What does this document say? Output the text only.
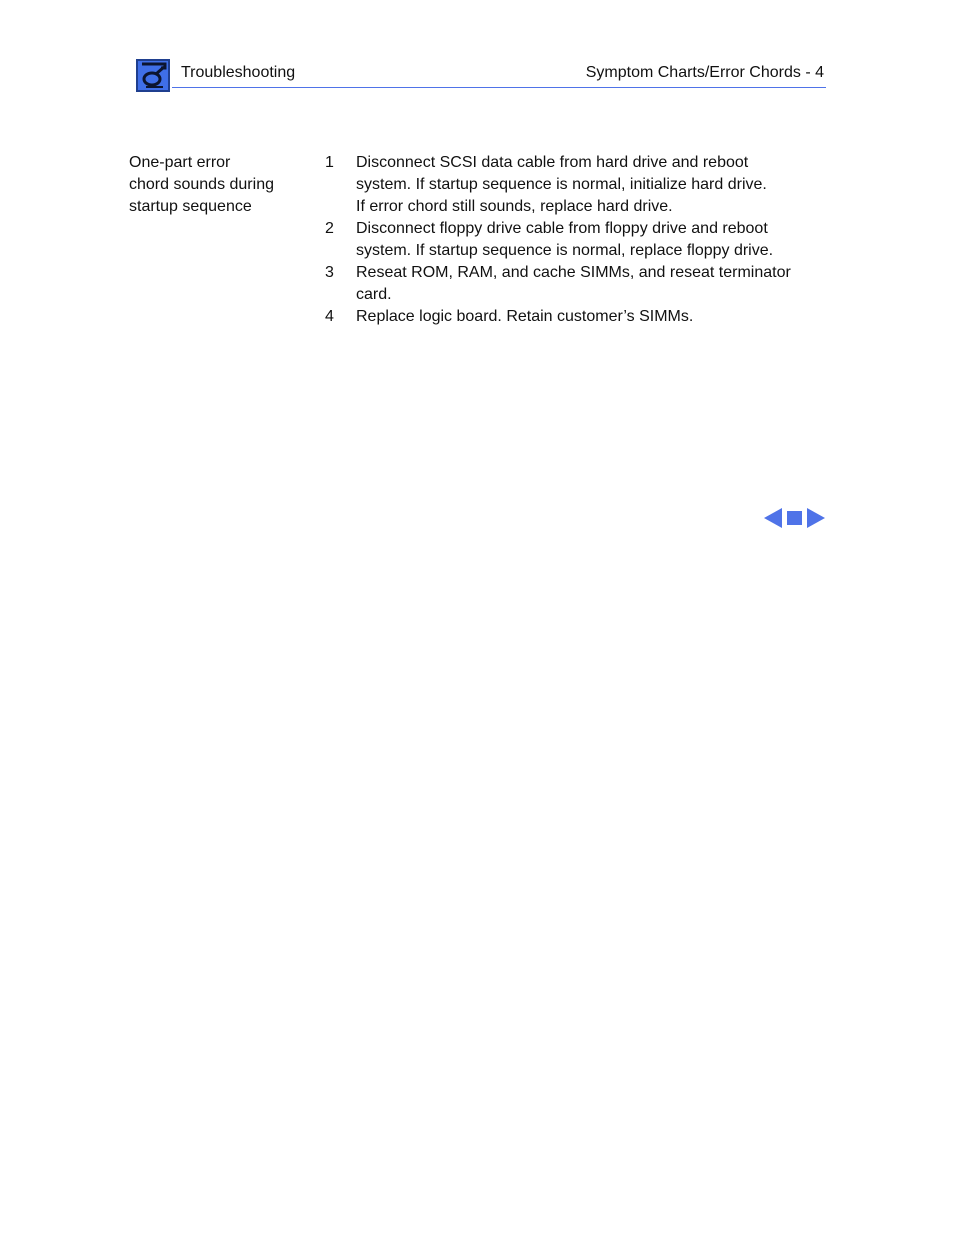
Troubleshooting	Symptom Charts/Error Chords - 4
One-part error
chord sounds during
startup sequence
1 Disconnect SCSI data cable from hard drive and reboot
system. If startup sequence is normal, initialize hard drive.
If error chord still sounds, replace hard drive.
2 Disconnect floppy drive cable from floppy drive and reboot
system. If startup sequence is normal, replace floppy drive.
3 Reseat ROM, RAM, and cache SIMMs, and reseat terminator
card.
4 Replace logic board. Retain customer’s SIMMs.
